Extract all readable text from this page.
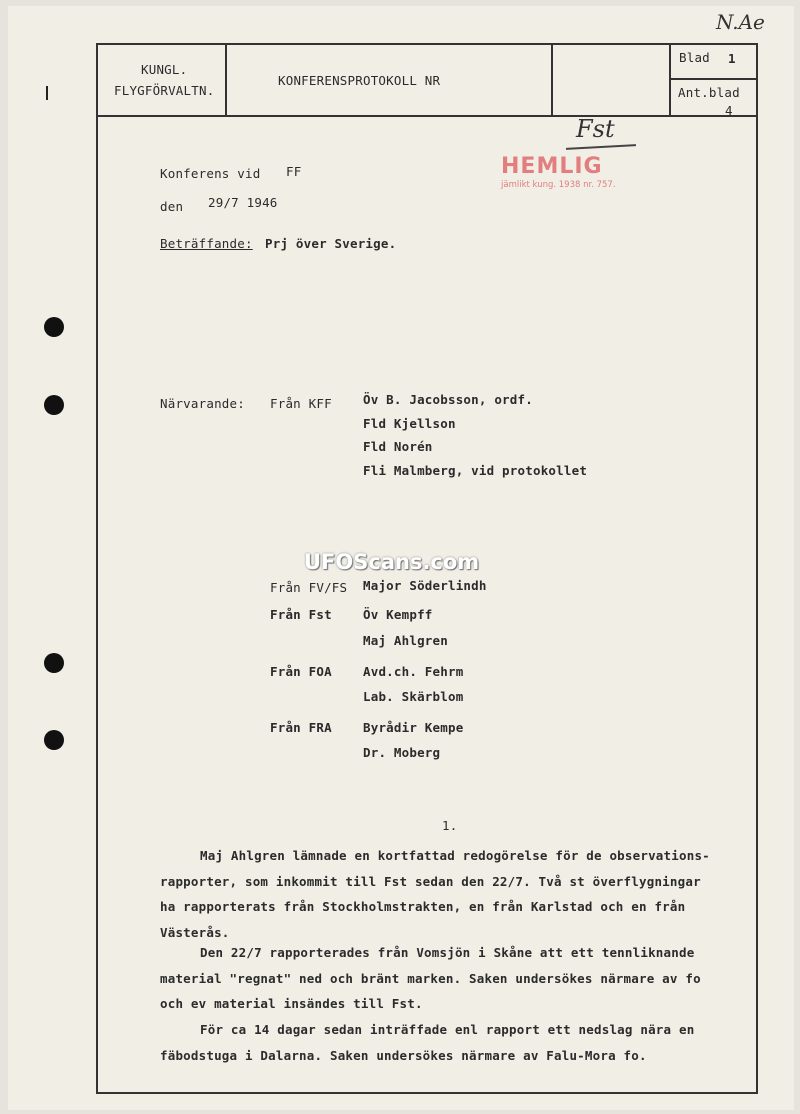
KUNGL.
FLYGFÖRVALTN.
KONFERENSPROTOKOLL NR
Blad 1
Ant.blad
4
N.Ae
Fst
HEMLIG
jämlikt kung. 1938 nr. 757.
Konferens vid FF
den 29/7 1946
Beträffande: Prj över Sverige.
Närvarande: Från KFF Öv B. Jacobsson, ordf.
Fld Kjellson
Fld Norén
Fli Malmberg, vid protokollet
Från FV/FS Major Söderlindh
Från Fst Öv Kempff
Maj Ahlgren
Från FOA Avd.ch. Fehrm
Lab. Skärblom
Från FRA Byrådir Kempe
Dr. Moberg
UFOScans.com
1.
Maj Ahlgren lämnade en kortfattad redogörelse för de observations-
rapporter, som inkommit till Fst sedan den 22/7. Två st överflygningar
ha rapporterats från Stockholmstrakten, en från Karlstad och en från
Västerås.
Den 22/7 rapporterades från Vomsjön i Skåne att ett tennliknande
material "regnat" ned och bränt marken. Saken undersökes närmare av fo
och ev material insändes till Fst.
För ca 14 dagar sedan inträffade enl rapport ett nedslag nära en
fäbodstuga i Dalarna. Saken undersökes närmare av Falu-Mora fo.
